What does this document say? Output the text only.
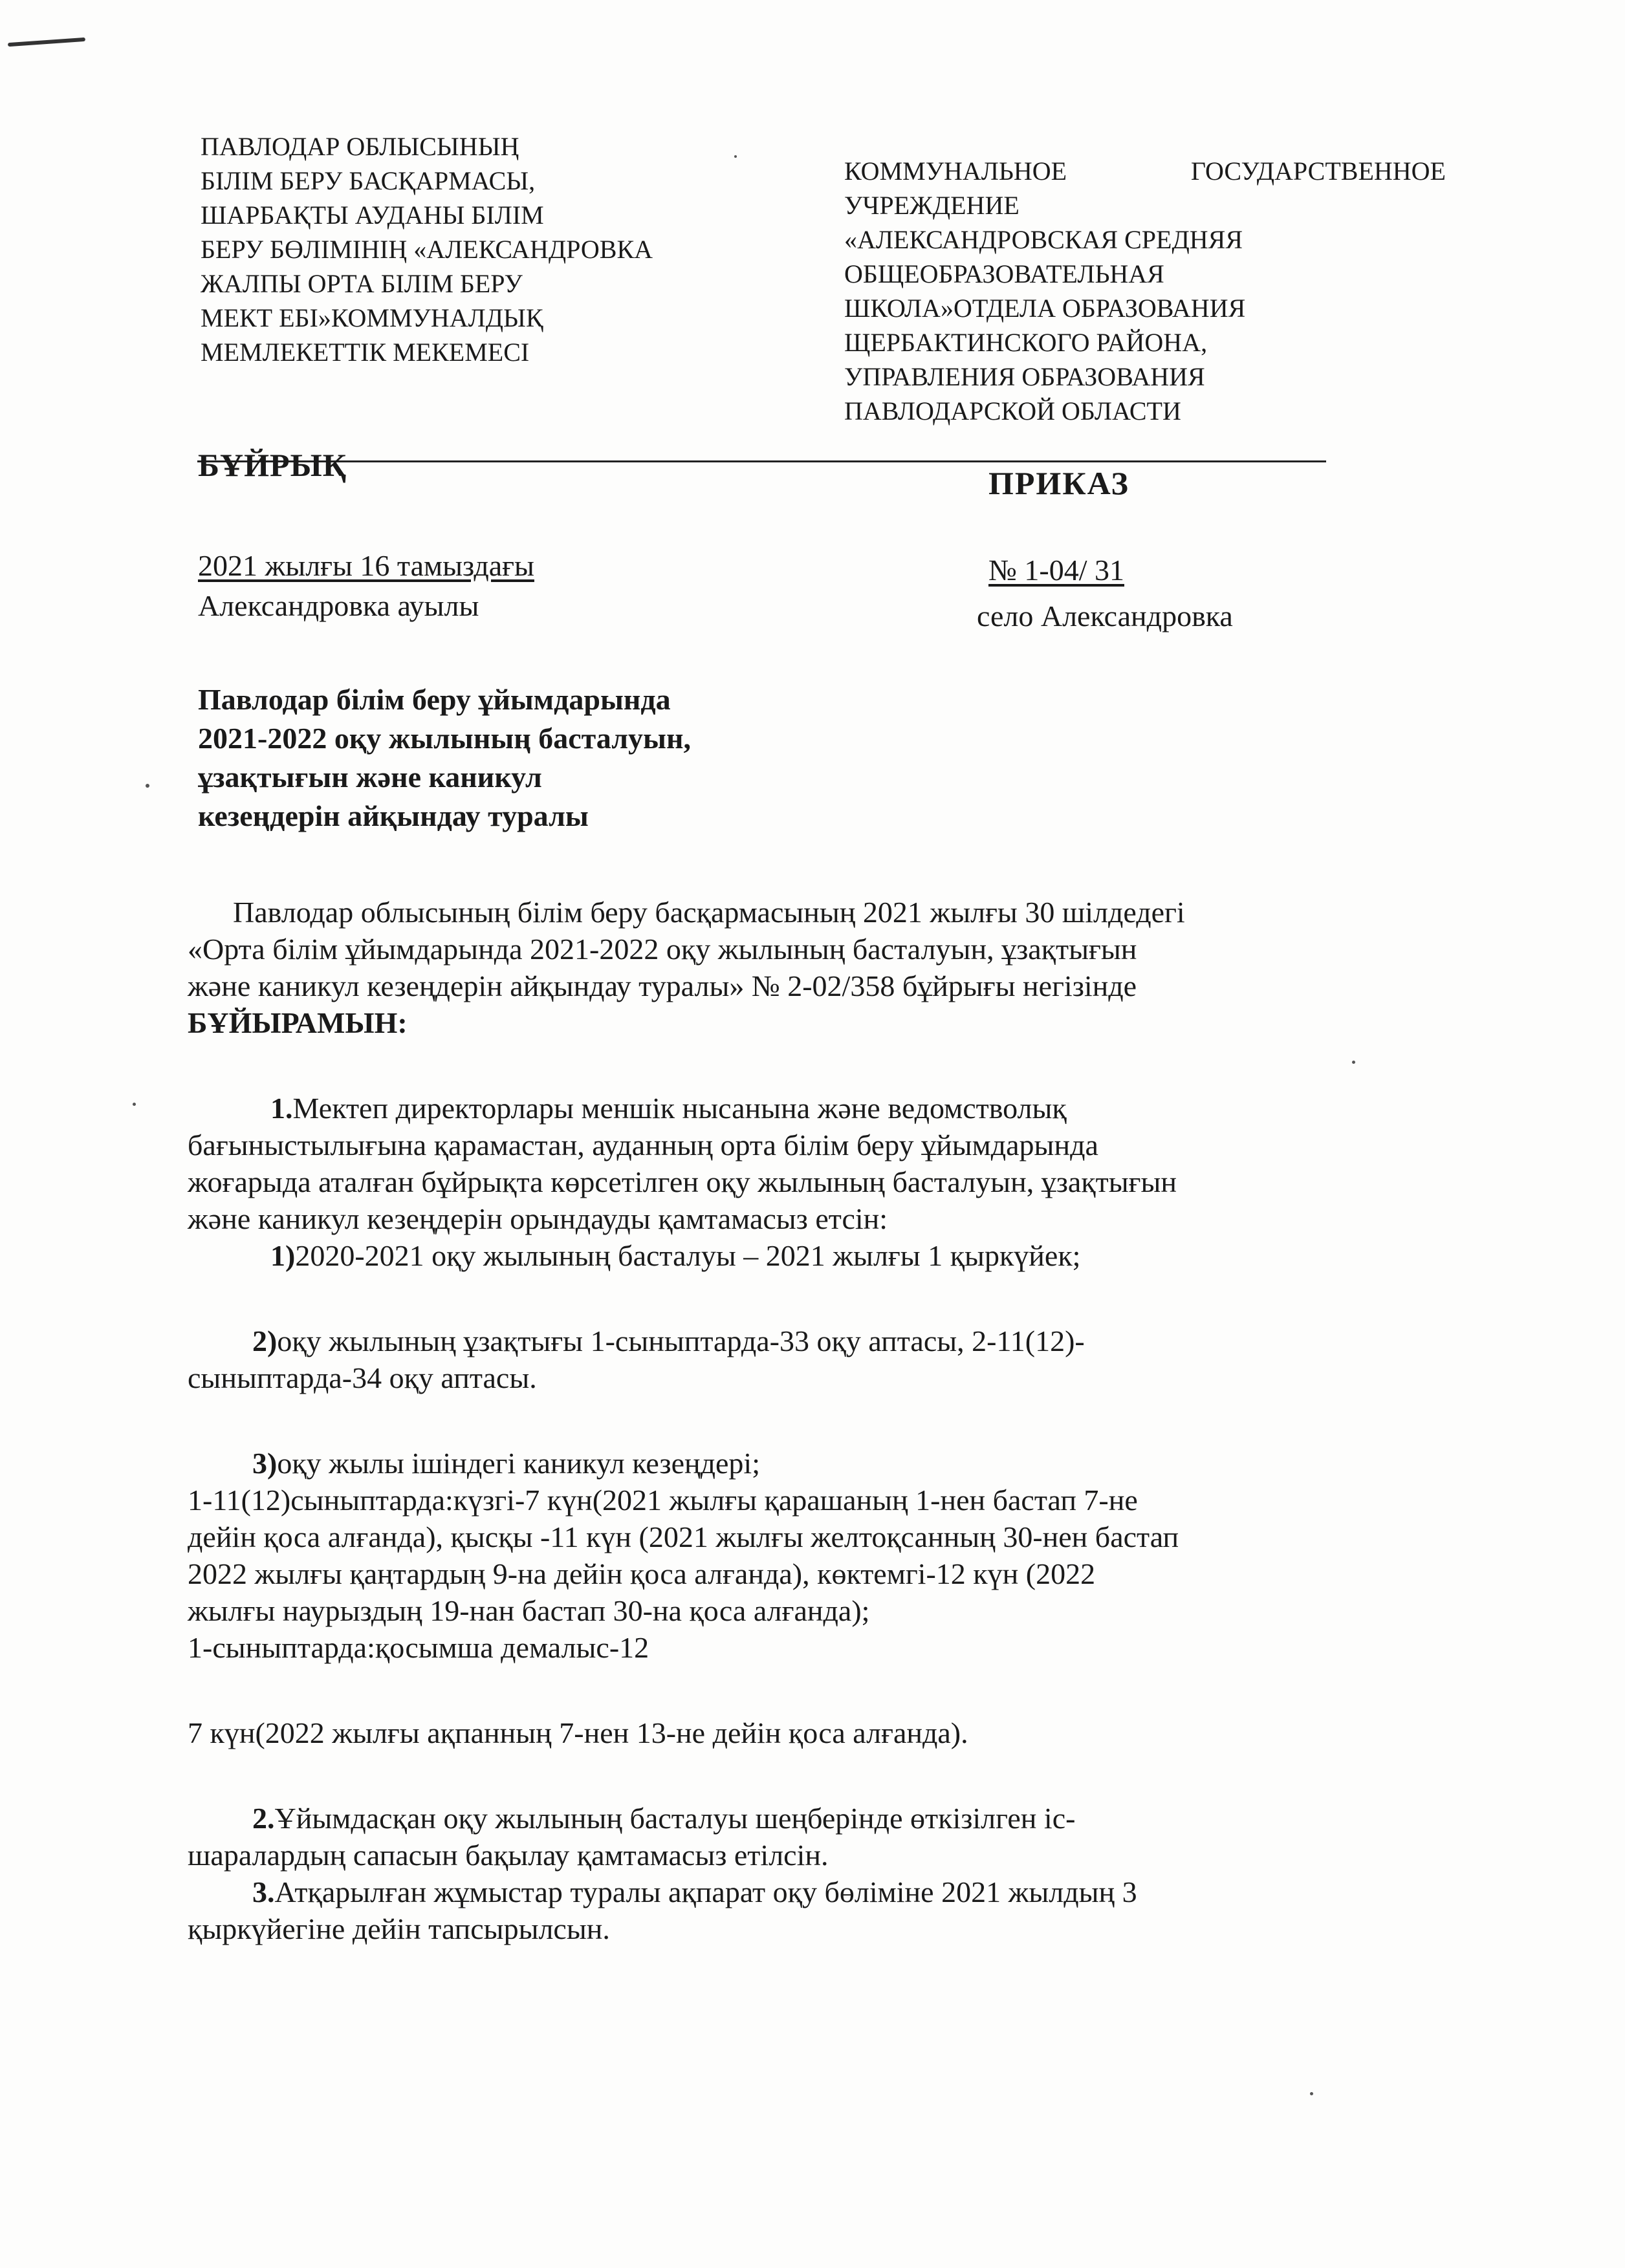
ПАВЛОДАР ОБЛЫСЫНЫҢ
БІЛІМ БЕРУ БАСҚАРМАСЫ,
ШАРБАҚТЫ АУДАНЫ БІЛІМ
БЕРУ БӨЛІМІНІҢ «АЛЕКСАНДРОВКА
ЖАЛПЫ ОРТА БІЛІМ БЕРУ
МЕКТ ЕБІ»КОММУНАЛДЫҚ
МЕМЛЕКЕТТІК МЕКЕМЕСІ
КОММУНАЛЬНОЕ	ГОСУДАРСТВЕННОЕ
УЧРЕЖДЕНИЕ
«АЛЕКСАНДРОВСКАЯ СРЕДНЯЯ
ОБЩЕОБРАЗОВАТЕЛЬНАЯ
ШКОЛА»ОТДЕЛА ОБРАЗОВАНИЯ
ЩЕРБАКТИНСКОГО РАЙОНА,
УПРАВЛЕНИЯ ОБРАЗОВАНИЯ
ПАВЛОДАРСКОЙ ОБЛАСТИ
БҰЙРЫҚ	ПРИКАЗ
2021 жылғы 16 тамыздағы
Александровка ауылы
№ 1-04/ 31
село Александровка
Павлодар білім беру ұйымдарында
2021-2022 оқу жылының басталуын,
ұзақтығын және каникул
кезеңдерін айқындау туралы

Павлодар облысының білім беру басқармасының 2021 жылғы 30 шілдедегі

«Орта білім ұйымдарында 2021-2022 оқу жылының басталуын, ұзақтығын

және каникул кезеңдерін айқындау туралы» № 2-02/358 бұйрығы негізінде

БҰЙЫРАМЫН:

1.Мектеп директорлары меншік нысанына және ведомстволық

бағыныстылығына қарамастан, ауданның орта білім беру ұйымдарында

жоғарыда аталған бұйрықта көрсетілген оқу жылының басталуын, ұзақтығын

және каникул кезеңдерін орындауды қамтамасыз етсін:

1)2020-2021 оқу жылының басталуы – 2021 жылғы 1 қыркүйек;

2)оқу жылының ұзақтығы 1-сыныптарда-33 оқу аптасы, 2-11(12)-

сыныптарда-34 оқу аптасы.

3)оқу жылы ішіндегі каникул кезеңдері;

1-11(12)сыныптарда:күзгі-7 күн(2021 жылғы қарашаның 1-нен бастап 7-не

дейін қоса алғанда), қысқы -11 күн (2021 жылғы желтоқсанның 30-нен бастап

2022 жылғы қаңтардың 9-на дейін қоса алғанда), көктемгі-12 күн (2022

жылғы наурыздың 19-нан бастап 30-на қоса алғанда);

1-сыныптарда:қосымша демалыс-12

7 күн(2022 жылғы ақпанның 7-нен 13-не дейін қоса алғанда).

2.Ұйымдасқан оқу жылының басталуы шеңберінде өткізілген іс-

шаралардың сапасын бақылау қамтамасыз етілсін.

3.Атқарылған жұмыстар туралы ақпарат оқу бөліміне 2021 жылдың 3

қыркүйегіне дейін тапсырылсын.
